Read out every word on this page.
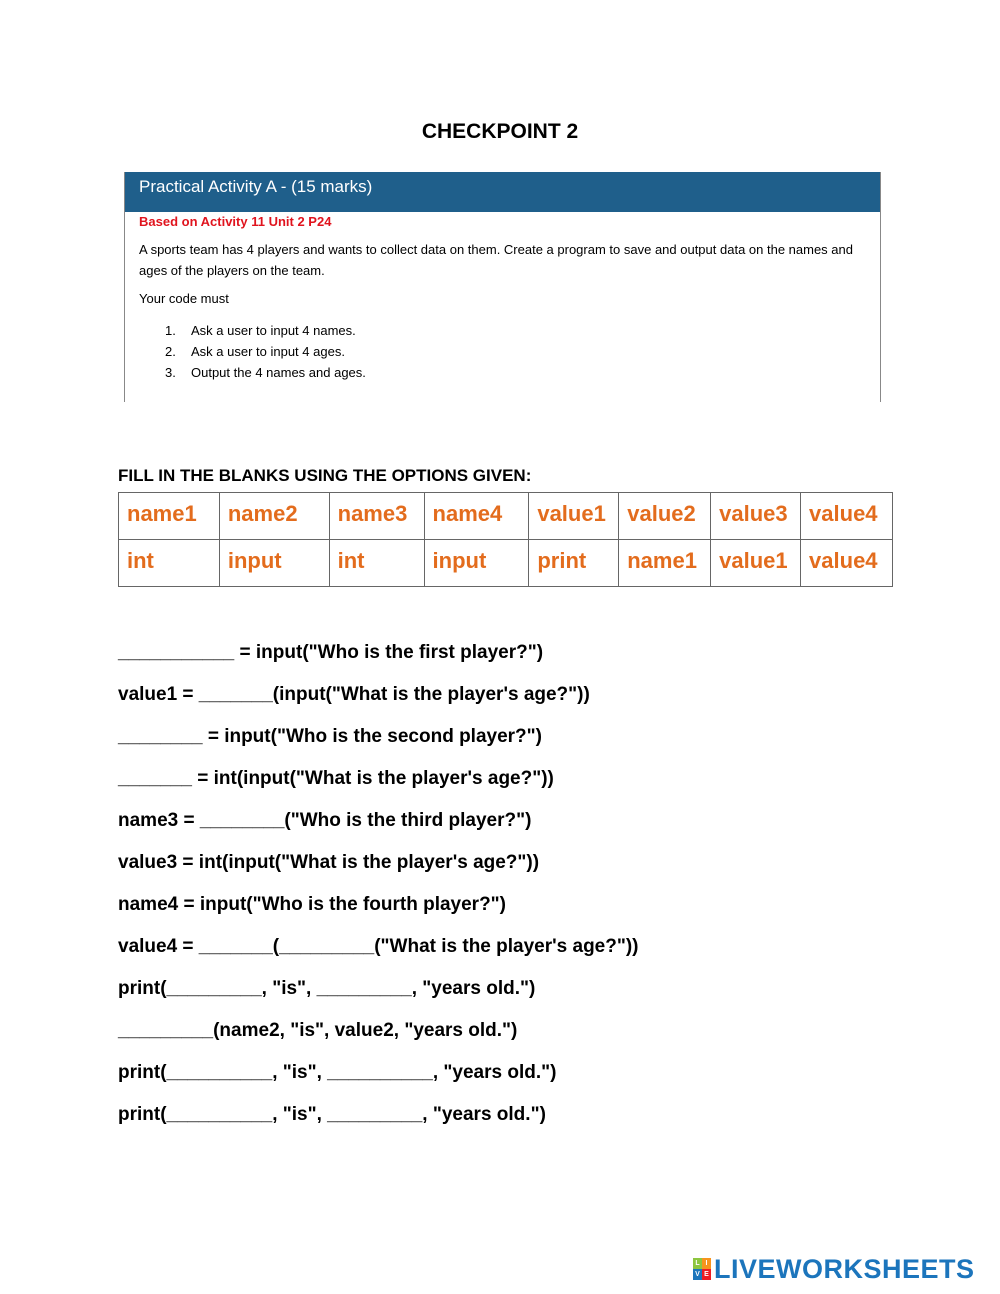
CHECKPOINT 2
Practical Activity A - (15 marks)
Based on Activity 11 Unit 2 P24
A sports team has 4 players and wants to collect data on them. Create a program to save and output data on the names and ages of the players on the team.
Your code must
1. Ask a user to input 4 names.
2. Ask a user to input 4 ages.
3. Output the 4 names and ages.
FILL IN THE BLANKS USING THE OPTIONS GIVEN:
name1	name2	name3	name4	value1	value2	value3	value4
int	input	int	input	print	name1	value1	value4
___________ = input("Who is the first player?")
value1 = _______(input("What is the player's age?"))
________ = input("Who is the second player?")
_______ = int(input("What is the player's age?"))
name3 = ________("Who is the third player?")
value3 = int(input("What is the player's age?"))
name4 = input("Who is the fourth player?")
value4 = _______(_________("What is the player's age?"))
print(_________, "is", _________, "years old.")
_________(name2, "is", value2, "years old.")
print(__________, "is", __________, "years old.")
print(__________, "is", _________, "years old.")
L I
V E LIVEWORKSHEETS
